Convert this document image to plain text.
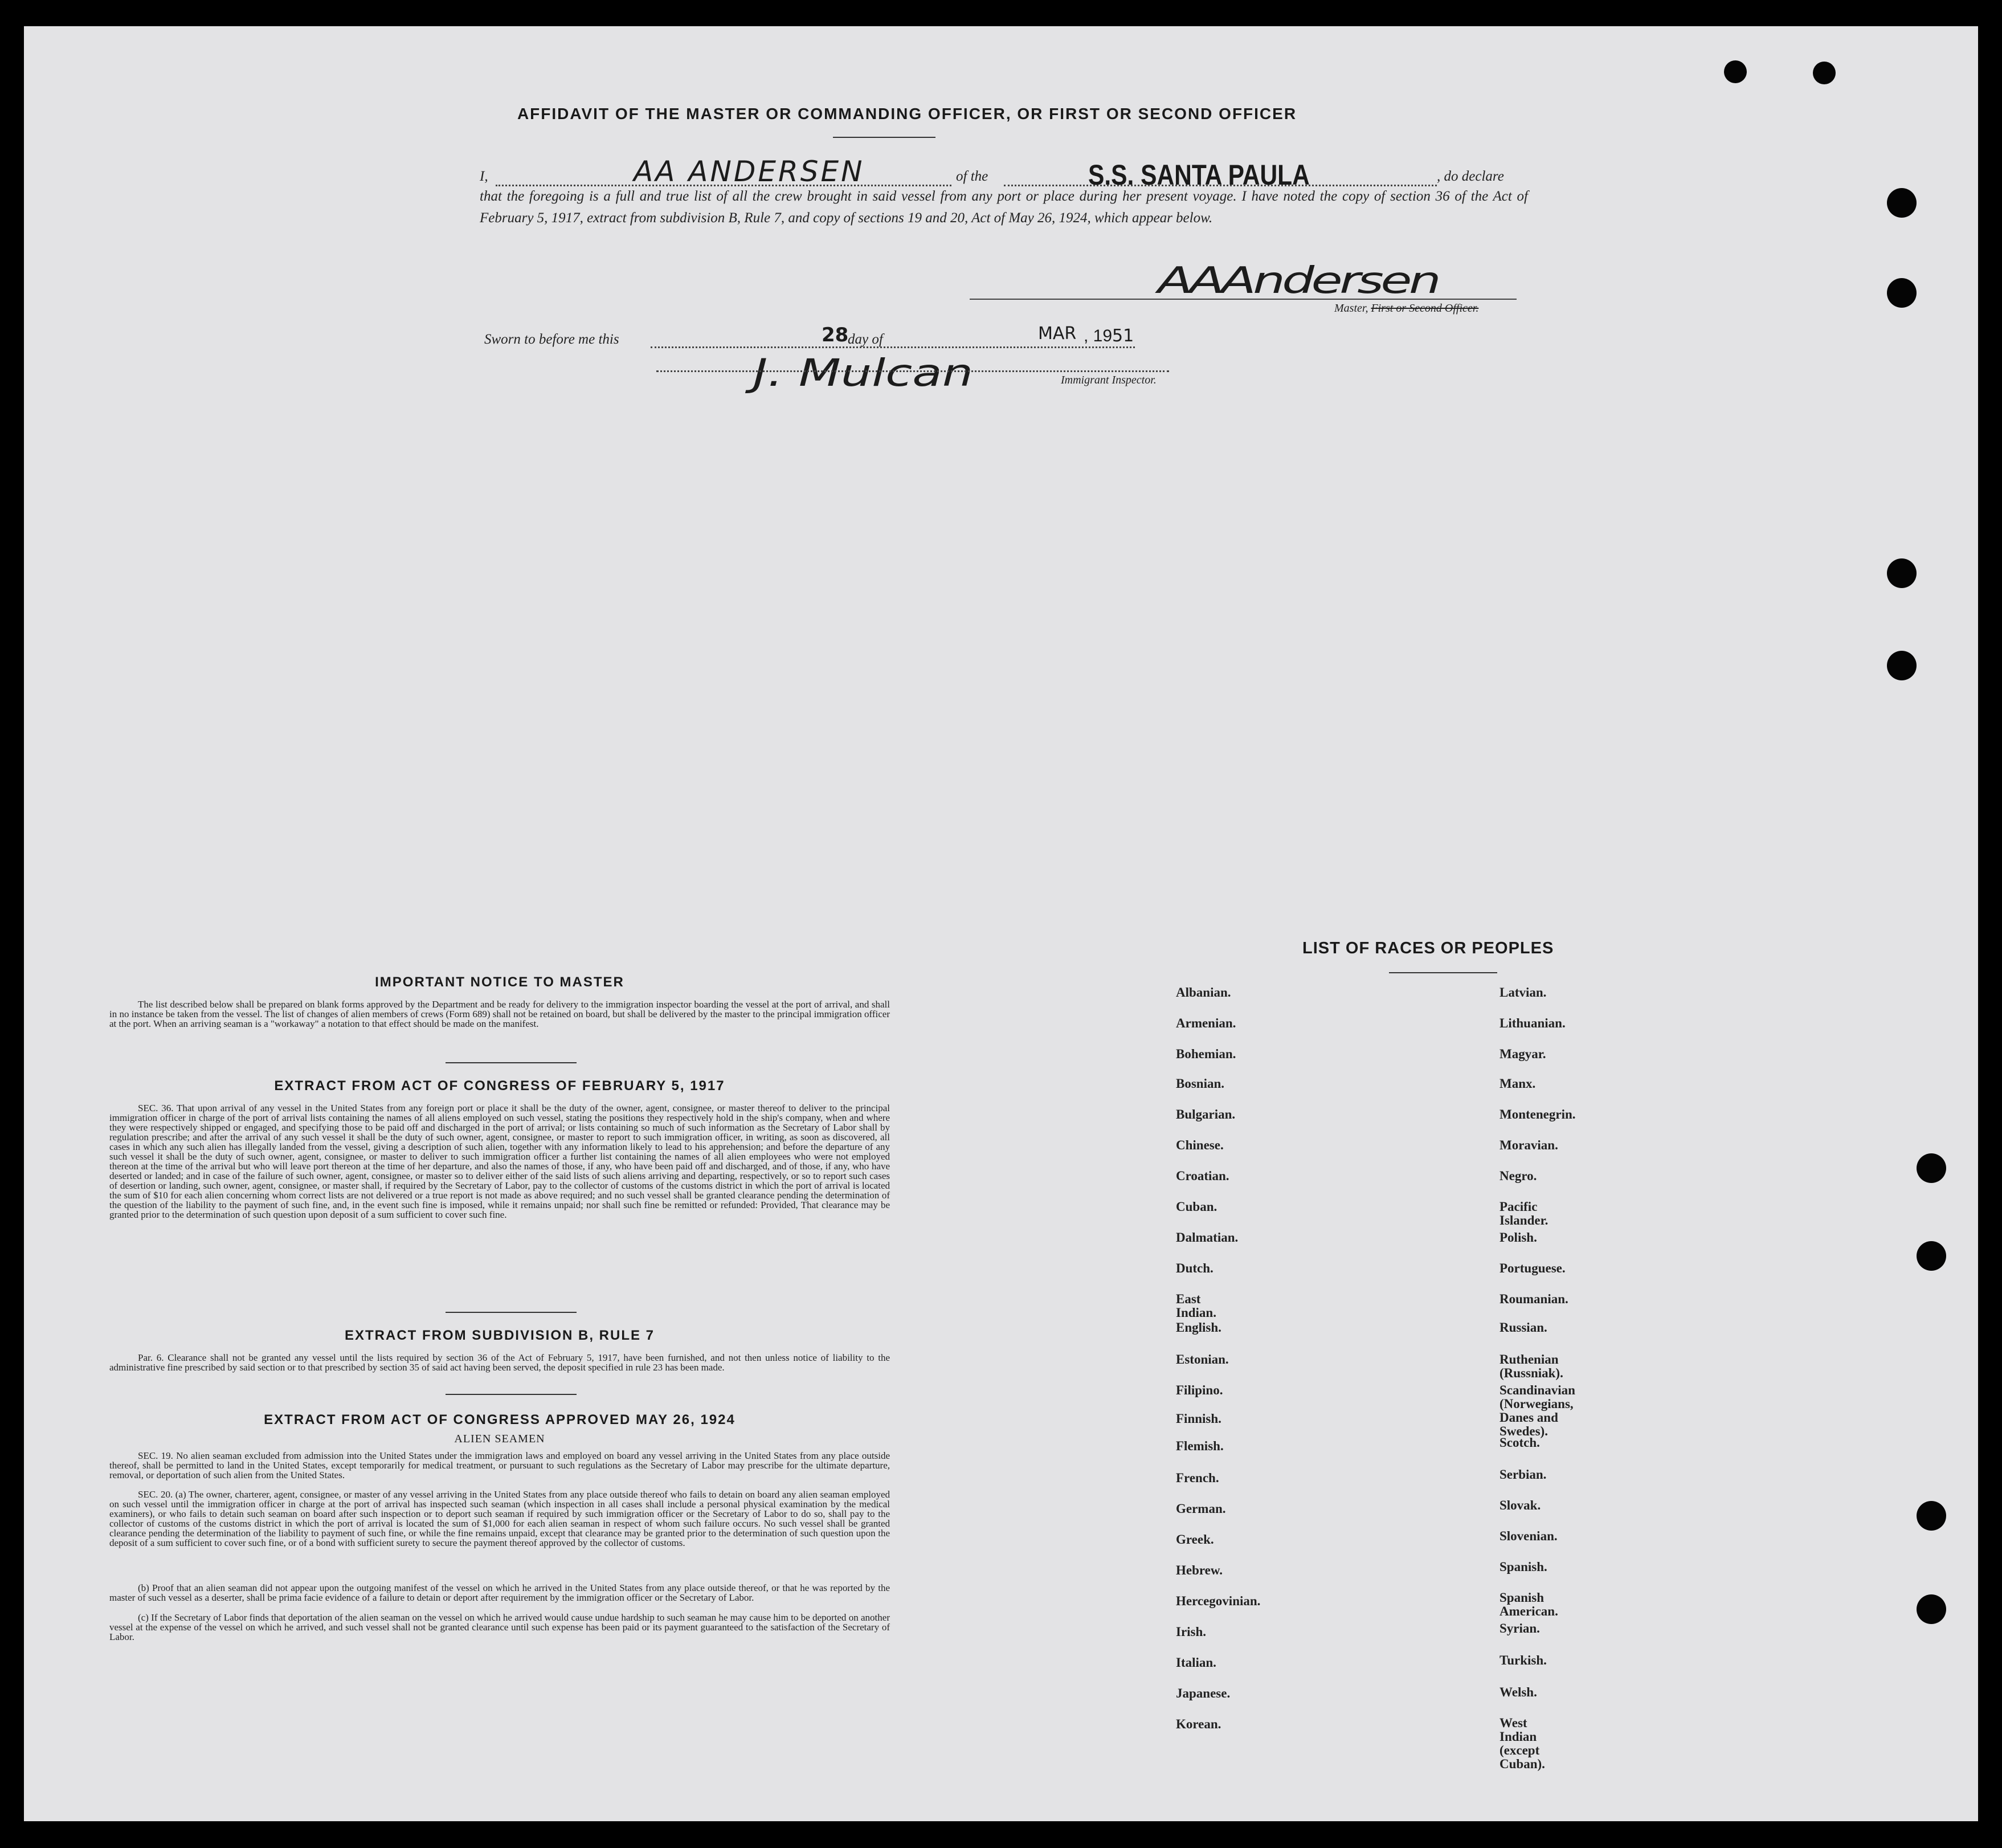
AFFIDAVIT OF THE MASTER OR COMMANDING OFFICER, OR FIRST OR SECOND OFFICER
I,	AA ANDERSEN	of the	S.S. SANTA PAULA	, do declare
that the foregoing is a full and true list of all the crew brought in said vessel from any port or place during her present voyage. I have noted the copy of section 36 of the Act of February 5, 1917, extract from subdivision B, Rule 7, and copy of sections 19 and 20, Act of May 26, 1924, which appear below.
AAAndersen
Master, First or Second Officer.
Sworn to before me this	28
day of	MAR , 1951
J. Mulcan	Immigrant Inspector.
IMPORTANT NOTICE TO MASTER
The list described below shall be prepared on blank forms approved by the Department and be ready for delivery to the immigration inspector boarding the vessel at the port of arrival, and shall in no instance be taken from the vessel. The list of changes of alien members of crews (Form 689) shall not be retained on board, but shall be delivered by the master to the principal immigration officer at the port. When an arriving seaman is a "workaway" a notation to that effect should be made on the manifest.
EXTRACT FROM ACT OF CONGRESS OF FEBRUARY 5, 1917
SEC. 36. That upon arrival of any vessel in the United States from any foreign port or place it shall be the duty of the owner, agent, consignee, or master thereof to deliver to the principal immigration officer in charge of the port of arrival lists containing the names of all aliens employed on such vessel, stating the positions they respectively hold in the ship's company, when and where they were respectively shipped or engaged, and specifying those to be paid off and discharged in the port of arrival; or lists containing so much of such information as the Secretary of Labor shall by regulation prescribe; and after the arrival of any such vessel it shall be the duty of such owner, agent, consignee, or master to report to such immigration officer, in writing, as soon as discovered, all cases in which any such alien has illegally landed from the vessel, giving a description of such alien, together with any information likely to lead to his apprehension; and before the departure of any such vessel it shall be the duty of such owner, agent, consignee, or master to deliver to such immigration officer a further list containing the names of all alien employees who were not employed thereon at the time of the arrival but who will leave port thereon at the time of her departure, and also the names of those, if any, who have been paid off and discharged, and of those, if any, who have deserted or landed; and in case of the failure of such owner, agent, consignee, or master so to deliver either of the said lists of such aliens arriving and departing, respectively, or so to report such cases of desertion or landing, such owner, agent, consignee, or master shall, if required by the Secretary of Labor, pay to the collector of customs of the customs district in which the port of arrival is located the sum of $10 for each alien concerning whom correct lists are not delivered or a true report is not made as above required; and no such vessel shall be granted clearance pending the determination of the question of the liability to the payment of such fine, and, in the event such fine is imposed, while it remains unpaid; nor shall such fine be remitted or refunded: Provided, That clearance may be granted prior to the determination of such question upon deposit of a sum sufficient to cover such fine.
EXTRACT FROM SUBDIVISION B, RULE 7
Par. 6. Clearance shall not be granted any vessel until the lists required by section 36 of the Act of February 5, 1917, have been furnished, and not then unless notice of liability to the administrative fine prescribed by said section or to that prescribed by section 35 of said act having been served, the deposit specified in rule 23 has been made.
EXTRACT FROM ACT OF CONGRESS APPROVED MAY 26, 1924
ALIEN SEAMEN
SEC. 19. No alien seaman excluded from admission into the United States under the immigration laws and employed on board any vessel arriving in the United States from any place outside thereof, shall be permitted to land in the United States, except temporarily for medical treatment, or pursuant to such regulations as the Secretary of Labor may prescribe for the ultimate departure, removal, or deportation of such alien from the United States.
SEC. 20. (a) The owner, charterer, agent, consignee, or master of any vessel arriving in the United States from any place outside thereof who fails to detain on board any alien seaman employed on such vessel until the immigration officer in charge at the port of arrival has inspected such seaman (which inspection in all cases shall include a personal physical examination by the medical examiners), or who fails to detain such seaman on board after such inspection or to deport such seaman if required by such immigration officer or the Secretary of Labor to do so, shall pay to the collector of customs of the customs district in which the port of arrival is located the sum of $1,000 for each alien seaman in respect of whom such failure occurs. No such vessel shall be granted clearance pending the determination of the liability to payment of such fine, or while the fine remains unpaid, except that clearance may be granted prior to the determination of such question upon the deposit of a sum sufficient to cover such fine, or of a bond with sufficient surety to secure the payment thereof approved by the collector of customs.
(b) Proof that an alien seaman did not appear upon the outgoing manifest of the vessel on which he arrived in the United States from any place outside thereof, or that he was reported by the master of such vessel as a deserter, shall be prima facie evidence of a failure to detain or deport after requirement by the immigration officer or the Secretary of Labor.
(c) If the Secretary of Labor finds that deportation of the alien seaman on the vessel on which he arrived would cause undue hardship to such seaman he may cause him to be deported on another vessel at the expense of the vessel on which he arrived, and such vessel shall not be granted clearance until such expense has been paid or its payment guaranteed to the satisfaction of the Secretary of Labor.
LIST OF RACES OR PEOPLES
Albanian.
Armenian.
Bohemian.
Bosnian.
Bulgarian.
Chinese.
Croatian.
Cuban.
Dalmatian.
Dutch.
East Indian.
English.
Estonian.
Filipino.
Finnish.
Flemish.
French.
German.
Greek.
Hebrew.
Hercegovinian.
Irish.
Italian.
Japanese.
Korean.
Latvian.
Lithuanian.
Magyar.
Manx.
Montenegrin.
Moravian.
Negro.
Pacific Islander.
Polish.
Portuguese.
Roumanian.
Russian.
Ruthenian (Russniak).
Scandinavian (Norwegians,
Danes and Swedes).
Scotch.
Serbian.
Slovak.
Slovenian.
Spanish.
Spanish American.
Syrian.
Turkish.
Welsh.
West Indian (except Cuban).
